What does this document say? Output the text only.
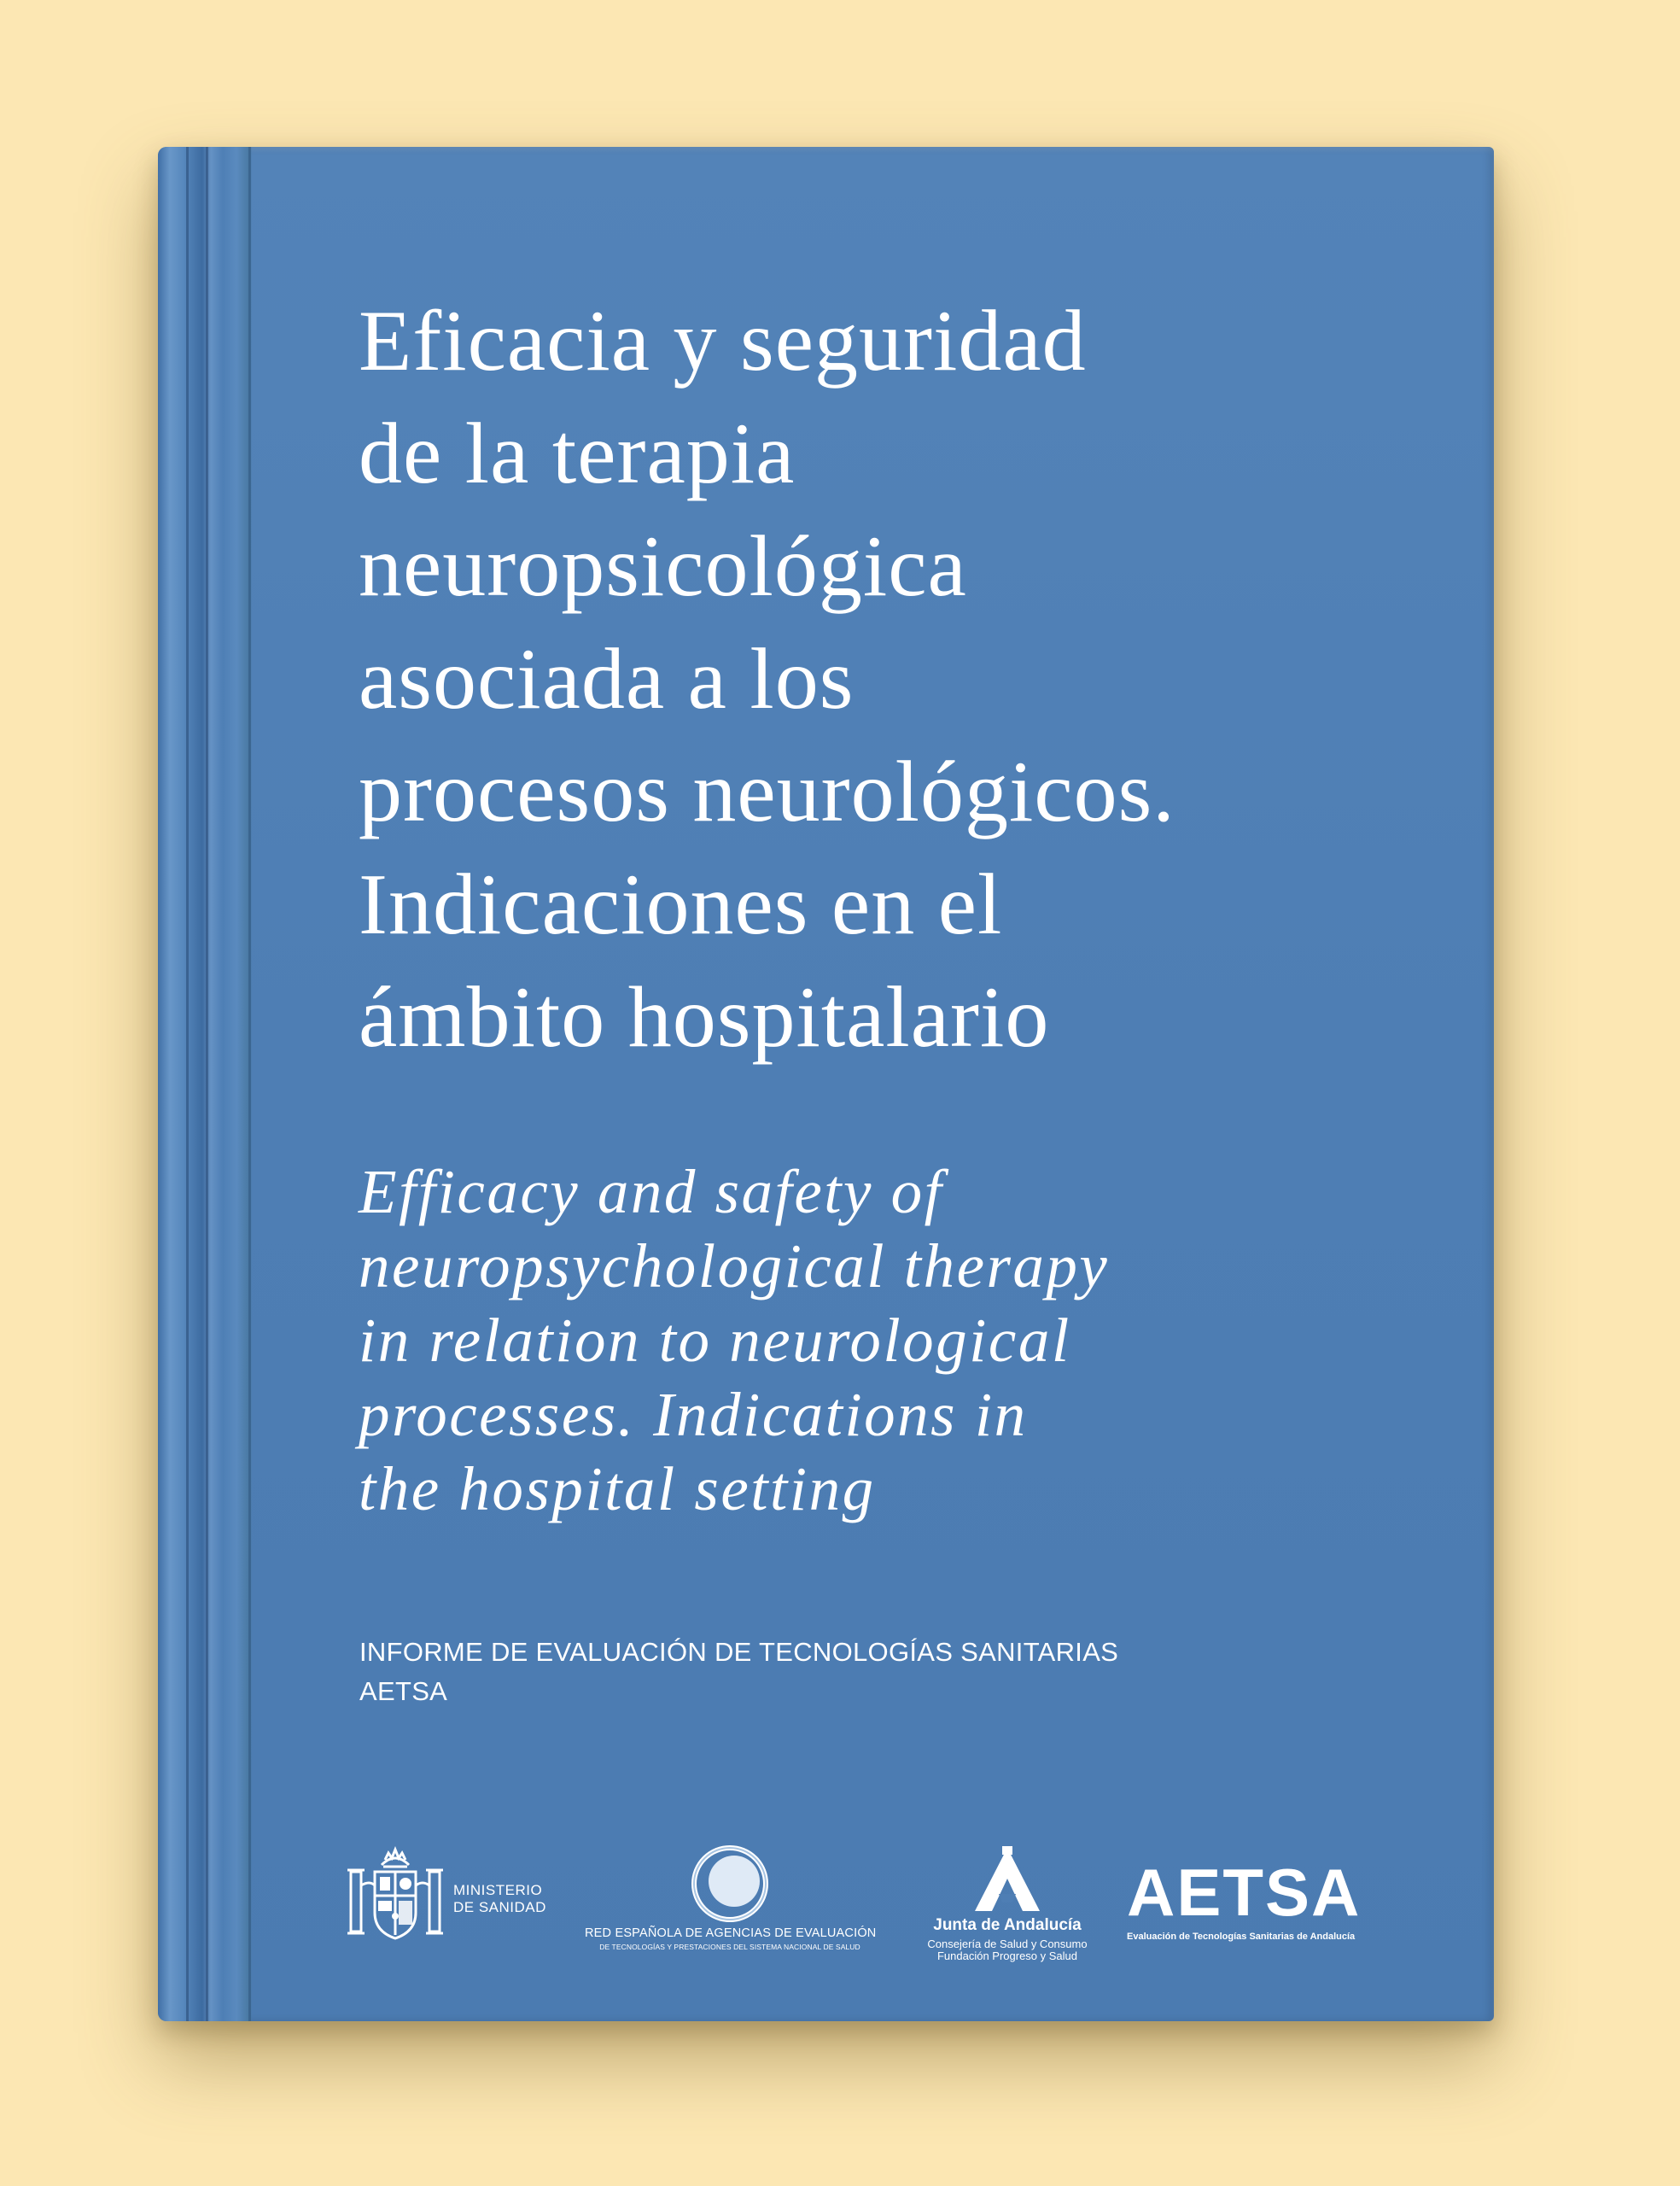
Eficacia y seguridad
de la terapia
neuropsicológica
asociada a los
procesos neurológicos.
Indicaciones en el
ámbito hospitalario
Efficacy and safety of
neuropsychological therapy
in relation to neurological
processes. Indications in
the hospital setting
INFORME DE EVALUACIÓN DE TECNOLOGÍAS SANITARIAS
AETSA
MINISTERIO
DE SANIDAD
RED ESPAÑOLA DE AGENCIAS DE EVALUACIÓN
DE TECNOLOGÍAS Y PRESTACIONES DEL SISTEMA NACIONAL DE SALUD
Junta de Andalucía
Consejería de Salud y Consumo
Fundación Progreso y Salud
AETSA
Evaluación de Tecnologías Sanitarias de Andalucía
